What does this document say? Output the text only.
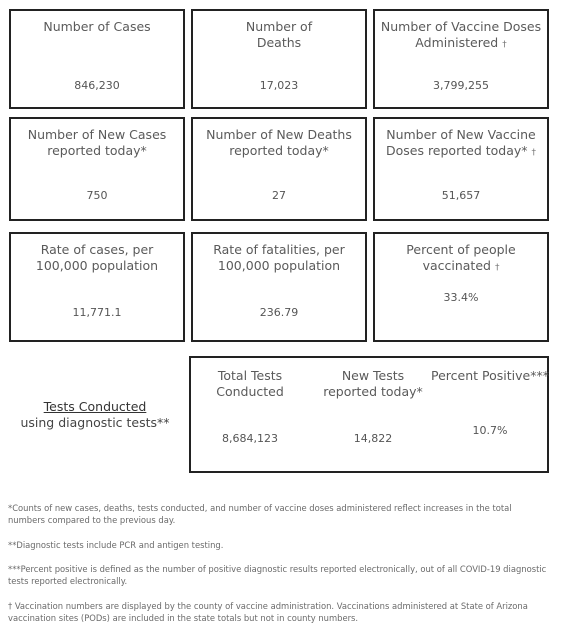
Number of Cases
846,230
Number of Deaths
17,023
Number of Vaccine Doses Administered †
3,799,255
Number of New Cases reported today*
750
Number of New Deaths reported today*
27
Number of New Vaccine Doses reported today* †
51,657
Rate of cases, per 100,000 population
11,771.1
Rate of fatalities, per 100,000 population
236.79
Percent of people vaccinated †
33.4%
Tests Conducted
using diagnostic tests**
Total Tests Conducted
8,684,123
New Tests reported today*
14,822
Percent Positive***
10.7%
*Counts of new cases, deaths, tests conducted, and number of vaccine doses administered reflect increases in the total numbers compared to the previous day.
**Diagnostic tests include PCR and antigen testing.
***Percent positive is defined as the number of positive diagnostic results reported electronically, out of all COVID-19 diagnostic tests reported electronically.
† Vaccination numbers are displayed by the county of vaccine administration. Vaccinations administered at State of Arizona vaccination sites (PODs) are included in the state totals but not in county numbers.
